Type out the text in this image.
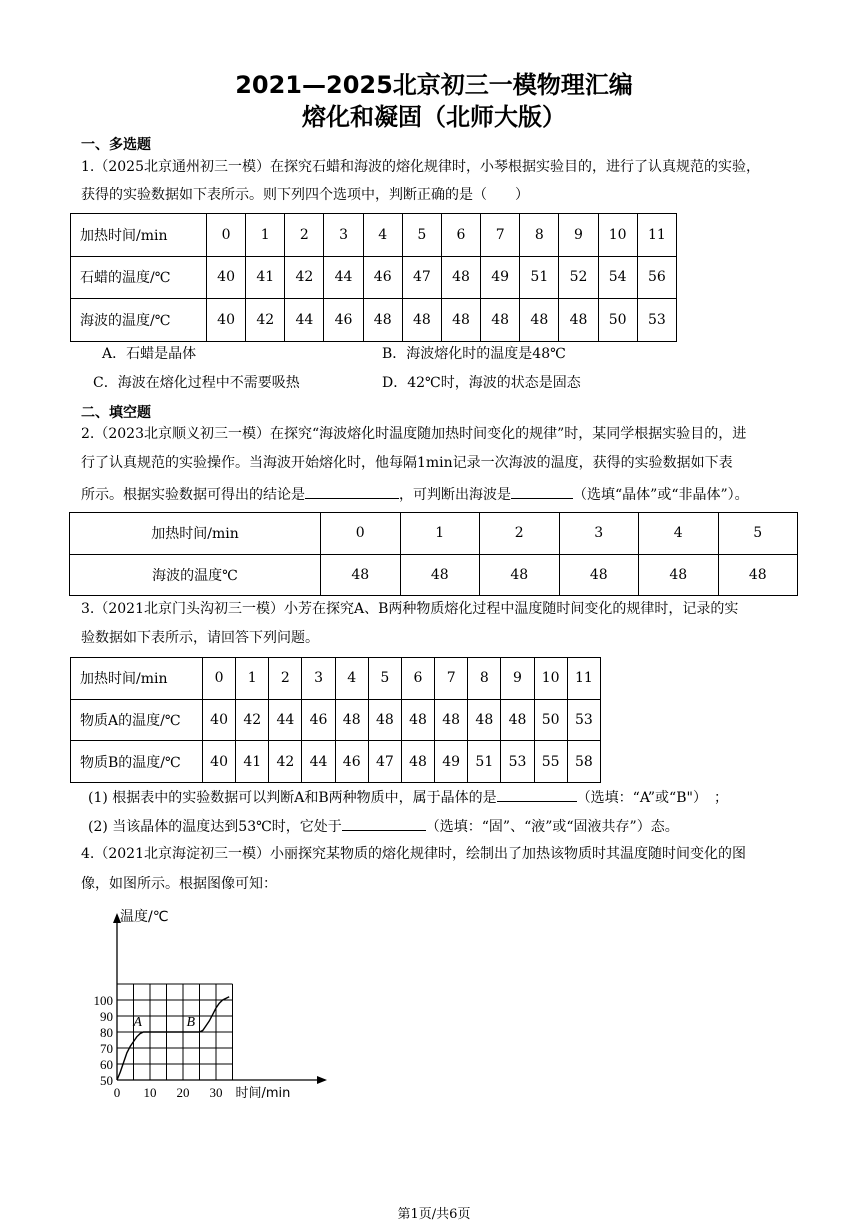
2021—2025北京初三一模物理汇编
熔化和凝固（北师大版）
一、多选题
1.（2025北京通州初三一模）在探究石蜡和海波的熔化规律时，小琴根据实验目的，进行了认真规范的实验，
获得的实验数据如下表所示。则下列四个选项中，判断正确的是（　　）
加热时间/min	0	1	2	3	4	5	6	7	8	9	10	11
石蜡的温度/℃	40	41	42	44	46	47	48	49	51	52	54	56
海波的温度/℃	40	42	44	46	48	48	48	48	48	48	50	53
A．石蜡是晶体	B．海波熔化时的温度是48℃
C．海波在熔化过程中不需要吸热	D．42℃时，海波的状态是固态
二、填空题
2.（2023北京顺义初三一模）在探究“海波熔化时温度随加热时间变化的规律”时，某同学根据实验目的，进
行了认真规范的实验操作。当海波开始熔化时，他每隔1min记录一次海波的温度，获得的实验数据如下表
所示。根据实验数据可得出的结论是	，可判断出海波是	（选填“晶体”或“非晶体”）。
加热时间/min	0	1	2	3	4	5
海波的温度℃	48	48	48	48	48	48
3.（2021北京门头沟初三一模）小芳在探究A、B两种物质熔化过程中温度随时间变化的规律时，记录的实
验数据如下表所示，请回答下列问题。
加热时间/min	0	1	2	3	4	5	6	7	8	9	10	11
物质A的温度/℃	40	42	44	46	48	48	48	48	48	48	50	53
物质B的温度/℃	40	41	42	44	46	47	48	49	51	53	55	58
(1) 根据表中的实验数据可以判断A和B两种物质中，属于晶体的是	（选填：“A”或“B"）　；
(2) 当该晶体的温度达到53℃时，它处于	（选填：“固”、“液”或“固液共存”）态。
4.（2021北京海淀初三一模）小丽探究某物质的熔化规律时，绘制出了加热该物质时其温度随时间变化的图
像，如图所示。根据图像可知：
50
60
70
80
90
100
0 10 20 30
温度/℃
时间/min
A	B
第1页/共6页
